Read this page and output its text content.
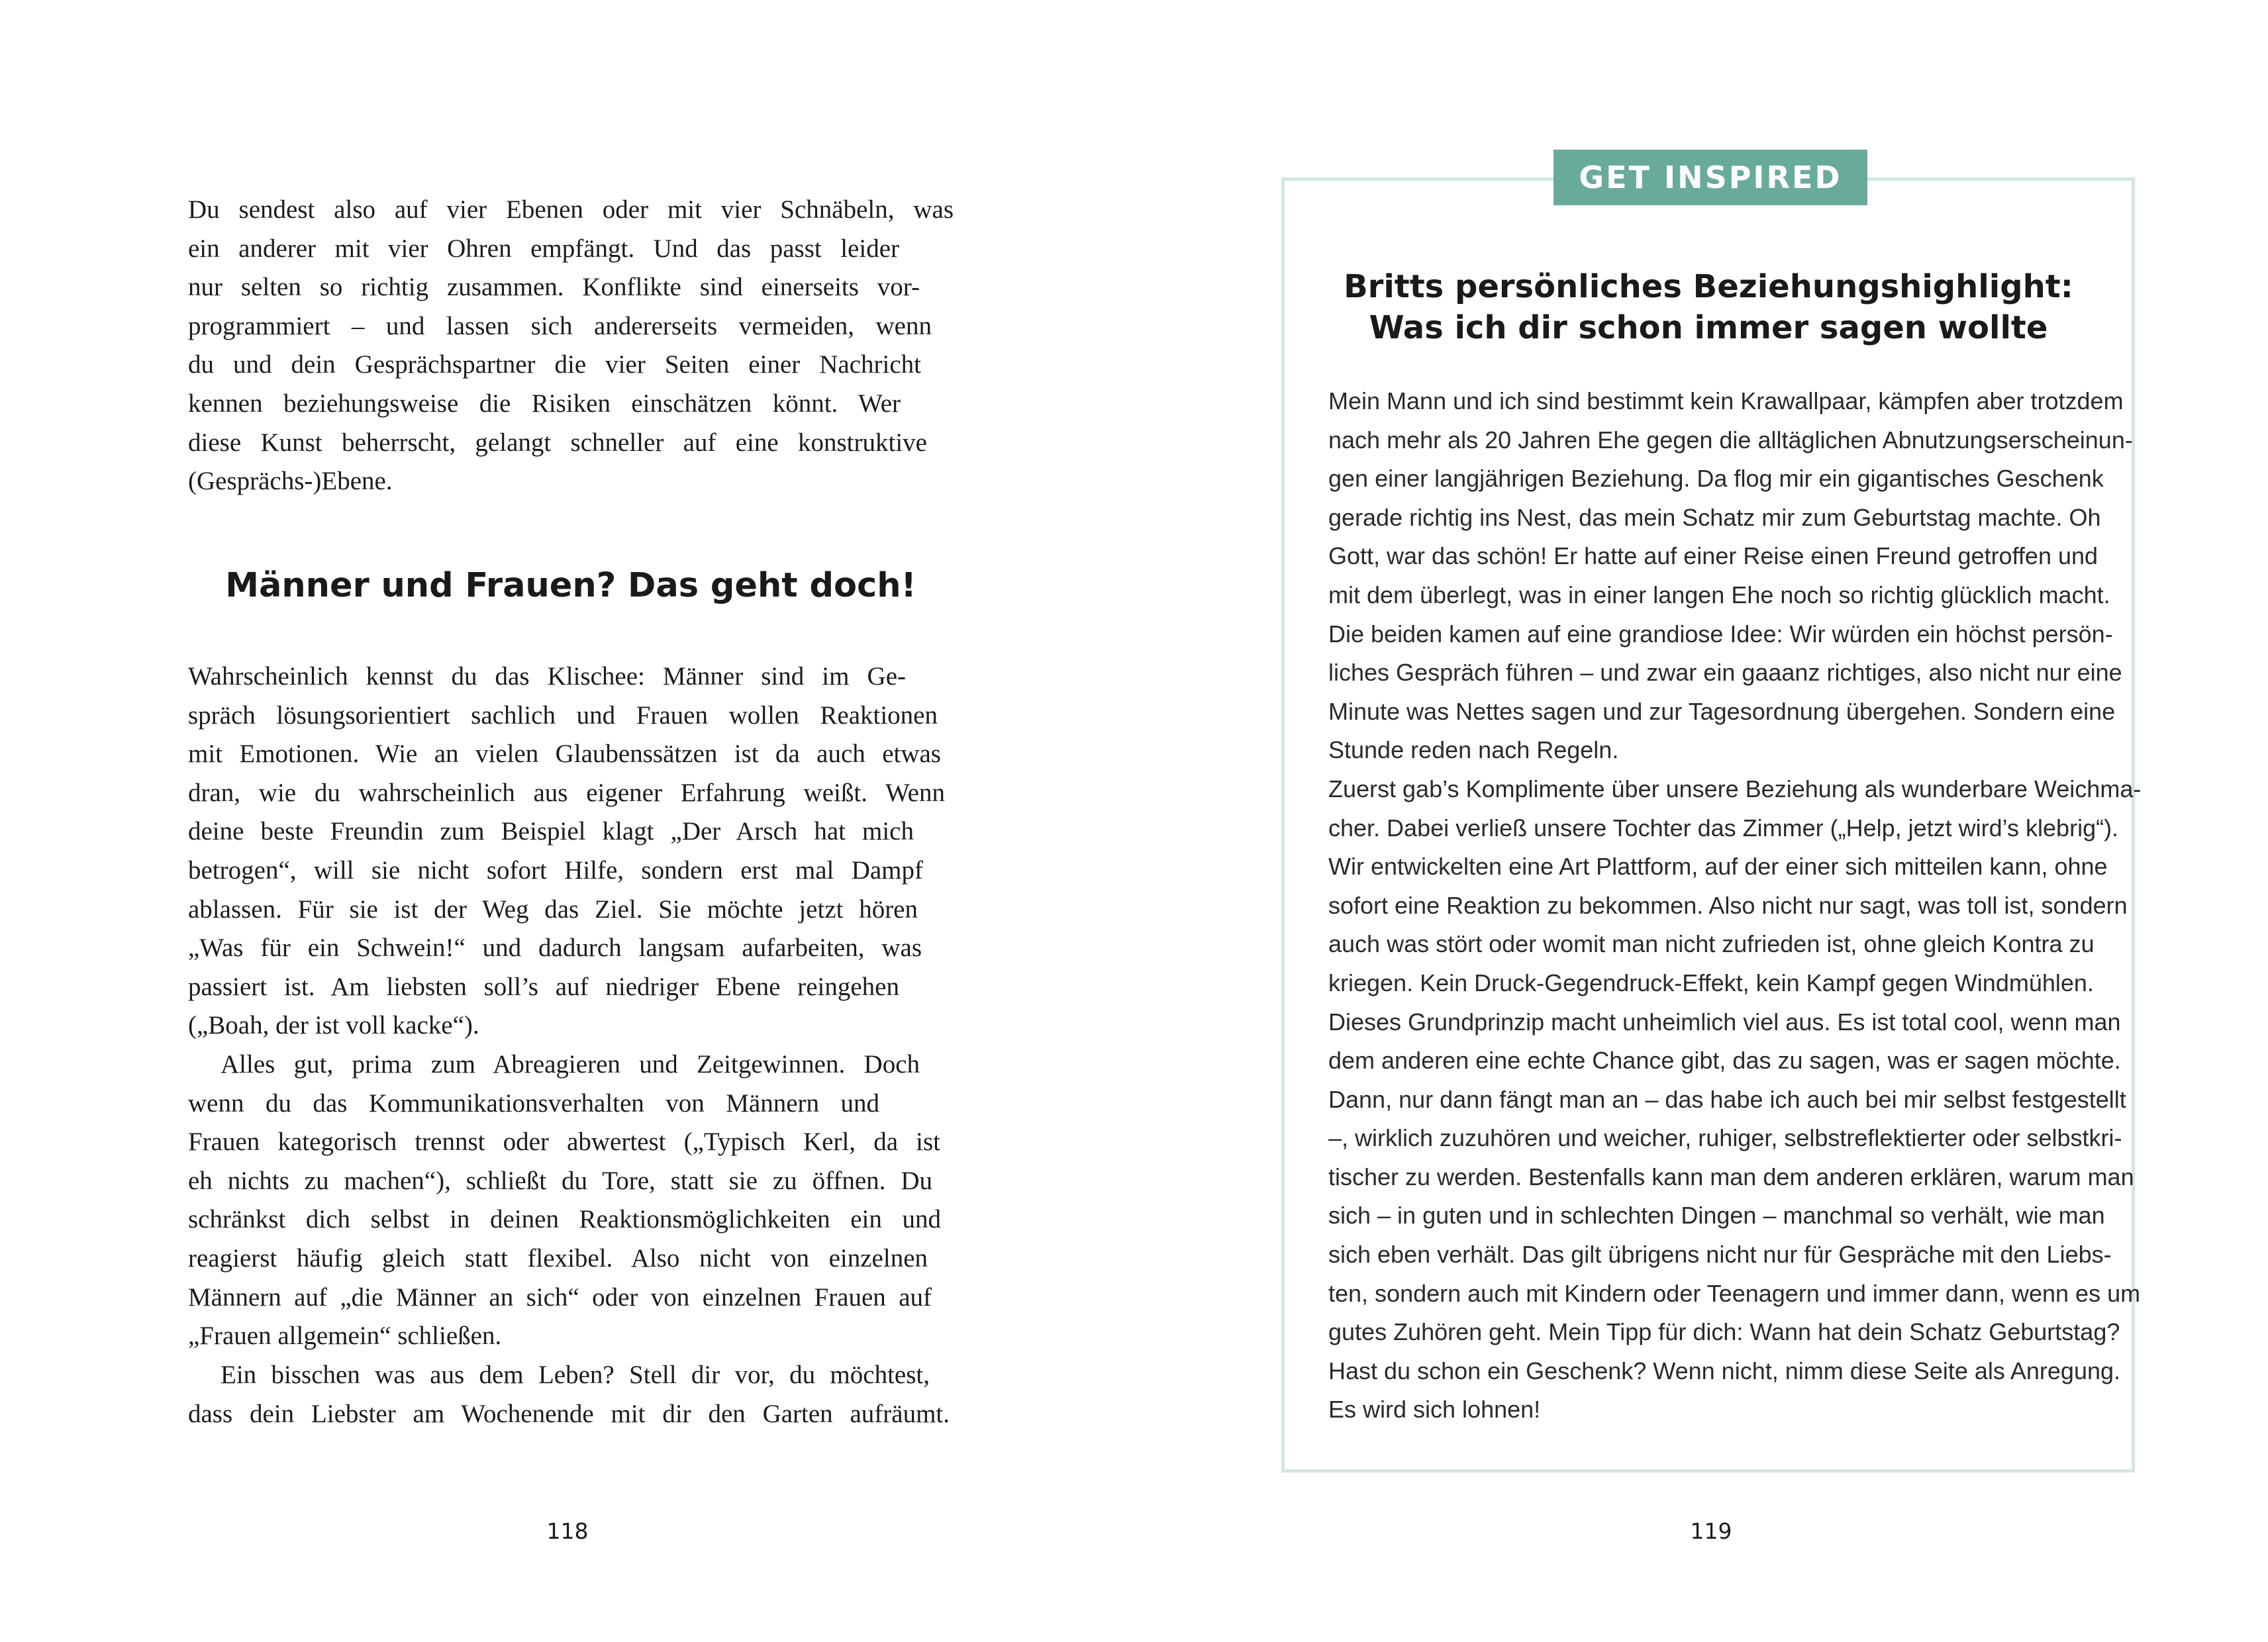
Du sendest also auf vier Ebenen oder mit vier Schnäbeln, was
ein anderer mit vier Ohren empfängt. Und das passt leider
nur selten so richtig zusammen. Konflikte sind einerseits vor-
programmiert – und lassen sich andererseits vermeiden, wenn
du und dein Gesprächspartner die vier Seiten einer Nachricht
kennen beziehungsweise die Risiken einschätzen könnt. Wer
diese Kunst beherrscht, gelangt schneller auf eine konstruktive
(Gesprächs-)Ebene.
Männer und Frauen? Das geht doch!
Wahrscheinlich kennst du das Klischee: Männer sind im Ge-
spräch lösungsorientiert sachlich und Frauen wollen Reaktionen
mit Emotionen. Wie an vielen Glaubenssätzen ist da auch etwas
dran, wie du wahrscheinlich aus eigener Erfahrung weißt. Wenn
deine beste Freundin zum Beispiel klagt „Der Arsch hat mich
betrogen“, will sie nicht sofort Hilfe, sondern erst mal Dampf
ablassen. Für sie ist der Weg das Ziel. Sie möchte jetzt hören
„Was für ein Schwein!“ und dadurch langsam aufarbeiten, was
passiert ist. Am liebsten soll’s auf niedriger Ebene reingehen
(„Boah, der ist voll kacke“).
Alles gut, prima zum Abreagieren und Zeitgewinnen. Doch
wenn du das Kommunikationsverhalten von Männern und
Frauen kategorisch trennst oder abwertest („Typisch Kerl, da ist
eh nichts zu machen“), schließt du Tore, statt sie zu öffnen. Du
schränkst dich selbst in deinen Reaktionsmöglichkeiten ein und
reagierst häufig gleich statt flexibel. Also nicht von einzelnen
Männern auf „die Männer an sich“ oder von einzelnen Frauen auf
„Frauen allgemein“ schließen.
Ein bisschen was aus dem Leben? Stell dir vor, du möchtest,
dass dein Liebster am Wochenende mit dir den Garten aufräumt.
118
GET INSPIRED
Britts persönliches Beziehungshighlight:
Was ich dir schon immer sagen wollte
Mein Mann und ich sind bestimmt kein Krawallpaar, kämpfen aber trotzdem
nach mehr als 20 Jahren Ehe gegen die alltäglichen Abnutzungserscheinun-
gen einer langjährigen Beziehung. Da flog mir ein gigantisches Geschenk
gerade richtig ins Nest, das mein Schatz mir zum Geburtstag machte. Oh
Gott, war das schön! Er hatte auf einer Reise einen Freund getroffen und
mit dem überlegt, was in einer langen Ehe noch so richtig glücklich macht.
Die beiden kamen auf eine grandiose Idee: Wir würden ein höchst persön-
liches Gespräch führen – und zwar ein gaaanz richtiges, also nicht nur eine
Minute was Nettes sagen und zur Tagesordnung übergehen. Sondern eine
Stunde reden nach Regeln.
Zuerst gab’s Komplimente über unsere Beziehung als wunderbare Weichma-
cher. Dabei verließ unsere Tochter das Zimmer („Help, jetzt wird’s klebrig“).
Wir entwickelten eine Art Plattform, auf der einer sich mitteilen kann, ohne
sofort eine Reaktion zu bekommen. Also nicht nur sagt, was toll ist, sondern
auch was stört oder womit man nicht zufrieden ist, ohne gleich Kontra zu
kriegen. Kein Druck-Gegendruck-Effekt, kein Kampf gegen Windmühlen.
Dieses Grundprinzip macht unheimlich viel aus. Es ist total cool, wenn man
dem anderen eine echte Chance gibt, das zu sagen, was er sagen möchte.
Dann, nur dann fängt man an – das habe ich auch bei mir selbst festgestellt
–, wirklich zuzuhören und weicher, ruhiger, selbstreflektierter oder selbstkri-
tischer zu werden. Bestenfalls kann man dem anderen erklären, warum man
sich – in guten und in schlechten Dingen – manchmal so verhält, wie man
sich eben verhält. Das gilt übrigens nicht nur für Gespräche mit den Liebs-
ten, sondern auch mit Kindern oder Teenagern und immer dann, wenn es um
gutes Zuhören geht. Mein Tipp für dich: Wann hat dein Schatz Geburtstag?
Hast du schon ein Geschenk? Wenn nicht, nimm diese Seite als Anregung.
Es wird sich lohnen!
119
